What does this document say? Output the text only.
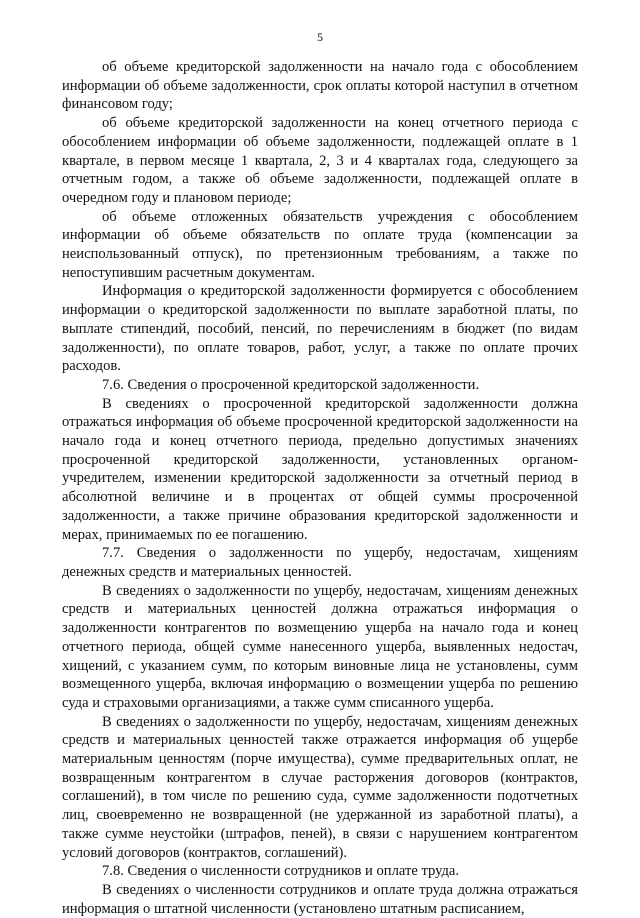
5

об объеме кредиторской задолженности на начало года с обособлением информации об объеме задолженности, срок оплаты которой наступил в отчетном финансовом году;

об объеме кредиторской задолженности на конец отчетного периода с обособлением информации об объеме задолженности, подлежащей оплате в 1 квартале, в первом месяце 1 квартала, 2, 3 и 4 кварталах года, следующего за отчетным годом, а также об объеме задолженности, подлежащей оплате в очередном году и плановом периоде;

об объеме отложенных обязательств учреждения с обособлением информации об объеме обязательств по оплате труда (компенсации за неиспользованный отпуск), по претензионным требованиям, а также по непоступившим расчетным документам.

Информация о кредиторской задолженности формируется с обособлением информации о кредиторской задолженности по выплате заработной платы, по выплате стипендий, пособий, пенсий, по перечислениям в бюджет (по видам задолженности), по оплате товаров, работ, услуг, а также по оплате прочих расходов.

7.6. Сведения о просроченной кредиторской задолженности.

В сведениях о просроченной кредиторской задолженности должна отражаться информация об объеме просроченной кредиторской задолженности на начало года и конец отчетного периода, предельно допустимых значениях просроченной кредиторской задолженности, установленных органом-учредителем, изменении кредиторской задолженности за отчетный период в абсолютной величине и в процентах от общей суммы просроченной задолженности, а также причине образования кредиторской задолженности и мерах, принимаемых по ее погашению.

7.7. Сведения о задолженности по ущербу, недостачам, хищениям денежных средств и материальных ценностей.

В сведениях о задолженности по ущербу, недостачам, хищениям денежных средств и материальных ценностей должна отражаться информация о задолженности контрагентов по возмещению ущерба на начало года и конец отчетного периода, общей сумме нанесенного ущерба, выявленных недостач, хищений, с указанием сумм, по которым виновные лица не установлены, сумм возмещенного ущерба, включая информацию о возмещении ущерба по решению суда и страховыми организациями, а также сумм списанного ущерба.

В сведениях о задолженности по ущербу, недостачам, хищениям денежных средств и материальных ценностей также отражается информация об ущербе материальным ценностям (порче имущества), сумме предварительных оплат, не возвращенным контрагентом в случае расторжения договоров (контрактов, соглашений), в том числе по решению суда, сумме задолженности подотчетных лиц, своевременно не возвращенной (не удержанной из заработной платы), а также сумме неустойки (штрафов, пеней), в связи с нарушением контрагентом условий договоров (контрактов, соглашений).

7.8. Сведения о численности сотрудников и оплате труда.

В сведениях о численности сотрудников и оплате труда должна отражаться информация о штатной численности (установлено штатным расписанием,
